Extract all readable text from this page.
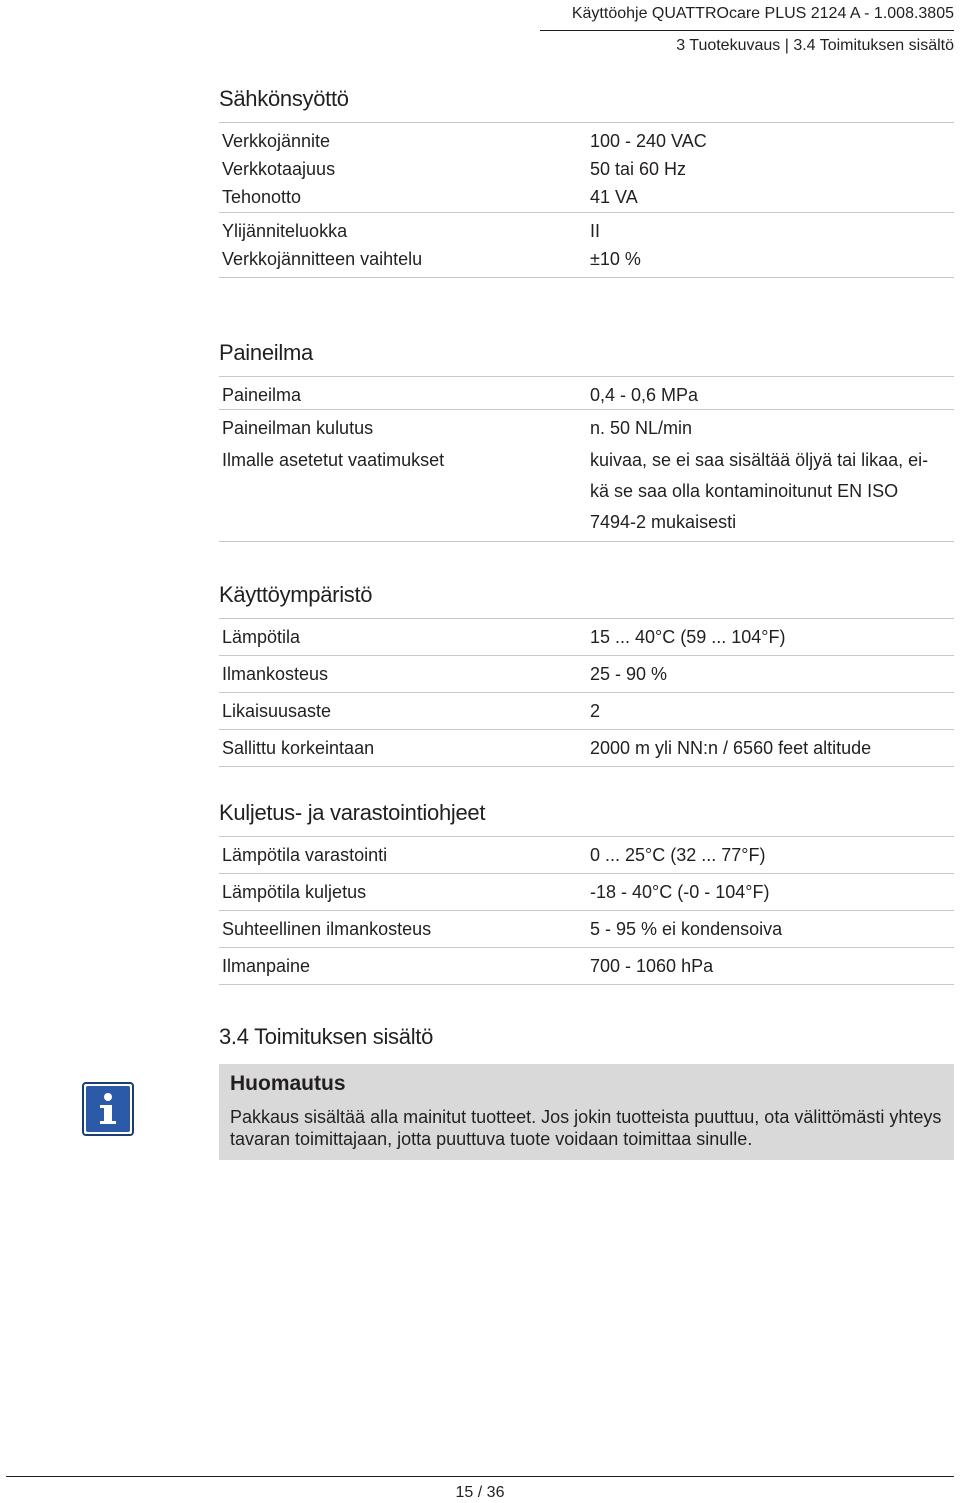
Käyttöohje QUATTROcare PLUS 2124 A - 1.008.3805
3 Tuotekuvaus | 3.4 Toimituksen sisältö
Sähkönsyöttö
Verkkojännite	100 - 240 VAC
Verkkotaajuus	50 tai 60 Hz
Tehonotto	41 VA
Ylijänniteluokka	II
Verkkojännitteen vaihtelu	±10 %
Paineilma
Paineilma	0,4 - 0,6 MPa
Paineilman kulutus	n. 50 NL/min
Ilmalle asetetut vaatimukset	kuivaa, se ei saa sisältää öljyä tai likaa, ei-
kä se saa olla kontaminoitunut EN ISO
7494-2 mukaisesti
Käyttöympäristö
Lämpötila	15 ... 40°C (59 ... 104°F)
Ilmankosteus	25 - 90 %
Likaisuusaste	2
Sallittu korkeintaan	2000 m yli NN:n / 6560 feet altitude
Kuljetus- ja varastointiohjeet
Lämpötila varastointi	0 ... 25°C (32 ... 77°F)
Lämpötila kuljetus	-18 - 40°C (-0 - 104°F)
Suhteellinen ilmankosteus	5 - 95 % ei kondensoiva
Ilmanpaine	700 - 1060 hPa
3.4 Toimituksen sisältö
Huomautus
Pakkaus sisältää alla mainitut tuotteet. Jos jokin tuotteista puuttuu, ota välittömästi yhteys tavaran toimittajaan, jotta puuttuva tuote voidaan toimittaa sinulle.
15 / 36
